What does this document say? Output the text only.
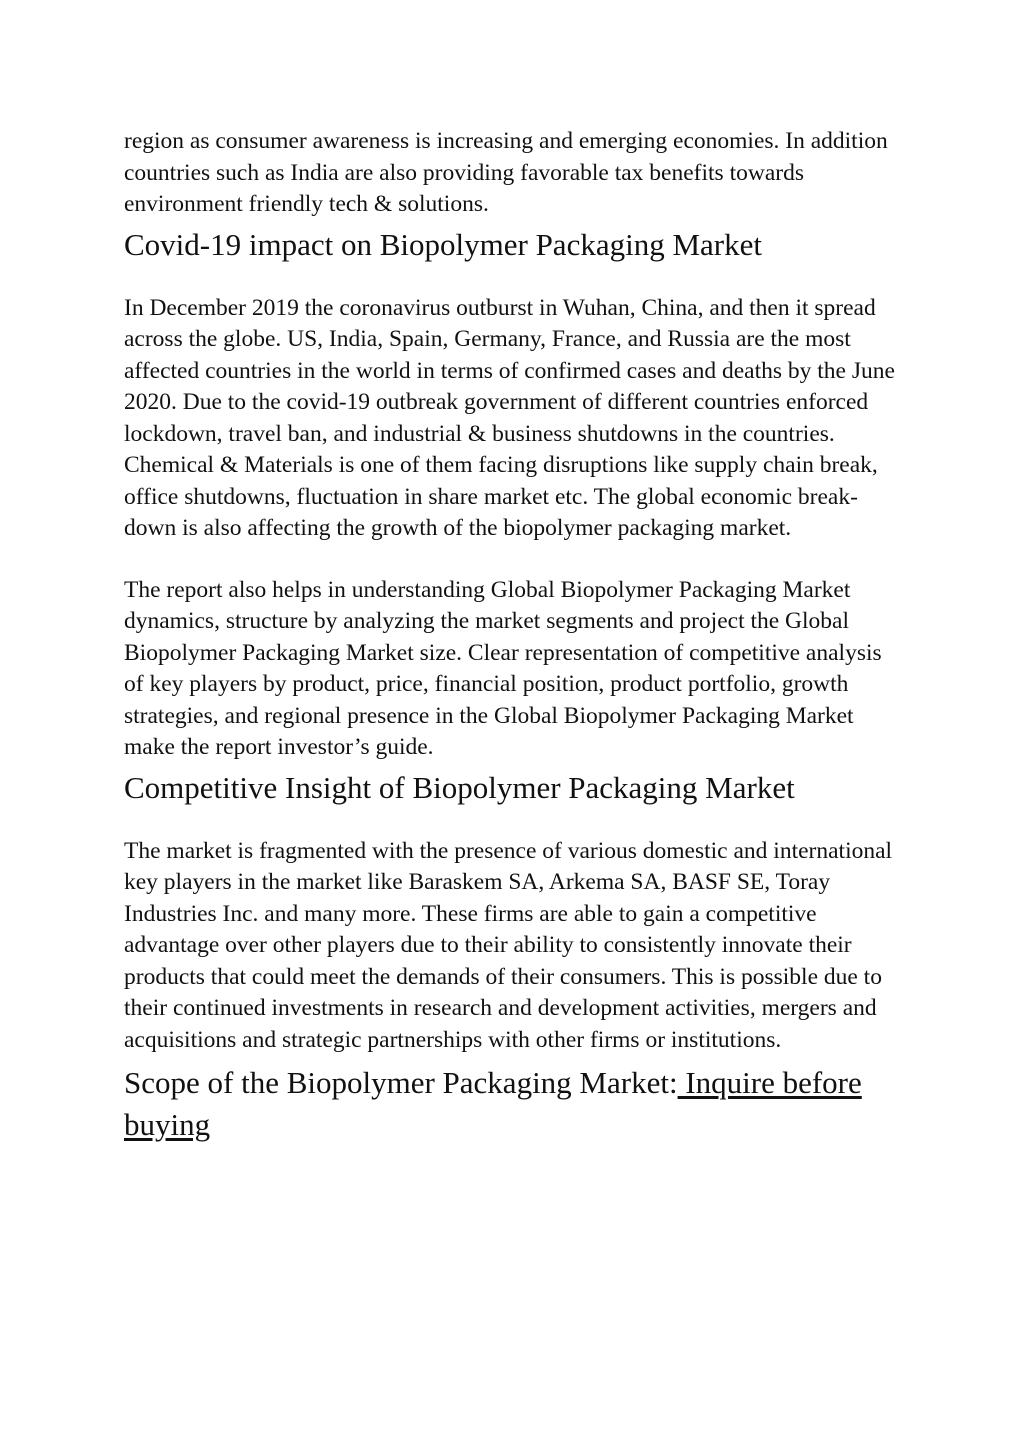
region as consumer awareness is increasing and emerging economies. In addition countries such as India are also providing favorable tax benefits towards environment friendly tech & solutions.

Covid-19 impact on Biopolymer Packaging Market

In December 2019 the coronavirus outburst in Wuhan, China, and then it spread across the globe. US, India, Spain, Germany, France, and Russia are the most affected countries in the world in terms of confirmed cases and deaths by the June 2020. Due to the covid-19 outbreak government of different countries enforced lockdown, travel ban, and industrial & business shutdowns in the countries. Chemical & Materials is one of them facing disruptions like supply chain break, office shutdowns, fluctuation in share market etc. The global economic break-down is also affecting the growth of the biopolymer packaging market.

The report also helps in understanding Global Biopolymer Packaging Market dynamics, structure by analyzing the market segments and project the Global Biopolymer Packaging Market size. Clear representation of competitive analysis of key players by product, price, financial position, product portfolio, growth strategies, and regional presence in the Global Biopolymer Packaging Market make the report investor’s guide.

Competitive Insight of Biopolymer Packaging Market

The market is fragmented with the presence of various domestic and international key players in the market like Baraskem SA, Arkema SA, BASF SE, Toray Industries Inc. and many more. These firms are able to gain a competitive advantage over other players due to their ability to consistently innovate their products that could meet the demands of their consumers. This is possible due to their continued investments in research and development activities, mergers and acquisitions and strategic partnerships with other firms or institutions.

Scope of the Biopolymer Packaging Market: Inquire before buying
